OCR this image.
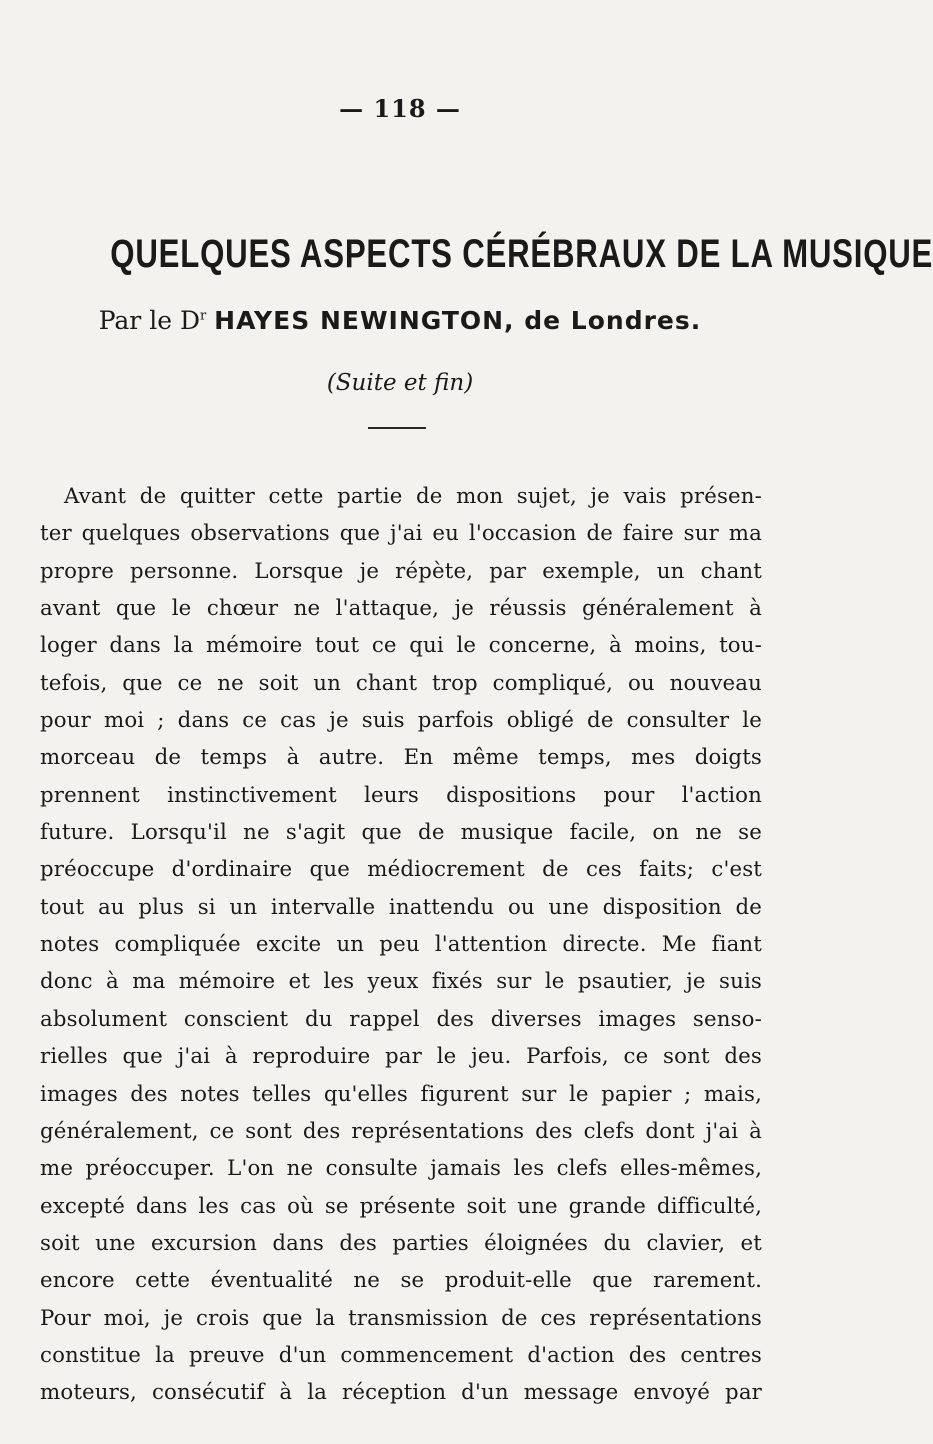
— 118 —
QUELQUES ASPECTS CÉRÉBRAUX DE LA MUSIQUE
Par le $D^r$ HAYES NEWINGTON, de Londres.
(Suite et fin)
Avant de quitter cette partie de mon sujet, je vais présen-
ter quelques observations que j'ai eu l'occasion de faire sur ma
propre personne. Lorsque je répète, par exemple, un chant
avant que le chœur ne l'attaque, je réussis généralement à
loger dans la mémoire tout ce qui le concerne, à moins, tou-
tefois, que ce ne soit un chant trop compliqué, ou nouveau
pour moi ; dans ce cas je suis parfois obligé de consulter le
morceau de temps à autre. En même temps, mes doigts
prennent instinctivement leurs dispositions pour l'action
future. Lorsqu'il ne s'agit que de musique facile, on ne se
préoccupe d'ordinaire que médiocrement de ces faits; c'est
tout au plus si un intervalle inattendu ou une disposition de
notes compliquée excite un peu l'attention directe. Me fiant
donc à ma mémoire et les yeux fixés sur le psautier, je suis
absolument conscient du rappel des diverses images senso-
rielles que j'ai à reproduire par le jeu. Parfois, ce sont des
images des notes telles qu'elles figurent sur le papier ; mais,
généralement, ce sont des représentations des clefs dont j'ai à
me préoccuper. L'on ne consulte jamais les clefs elles-mêmes,
excepté dans les cas où se présente soit une grande difficulté,
soit une excursion dans des parties éloignées du clavier, et
encore cette éventualité ne se produit-elle que rarement.
Pour moi, je crois que la transmission de ces représentations
constitue la preuve d'un commencement d'action des centres
moteurs, consécutif à la réception d'un message envoyé par
